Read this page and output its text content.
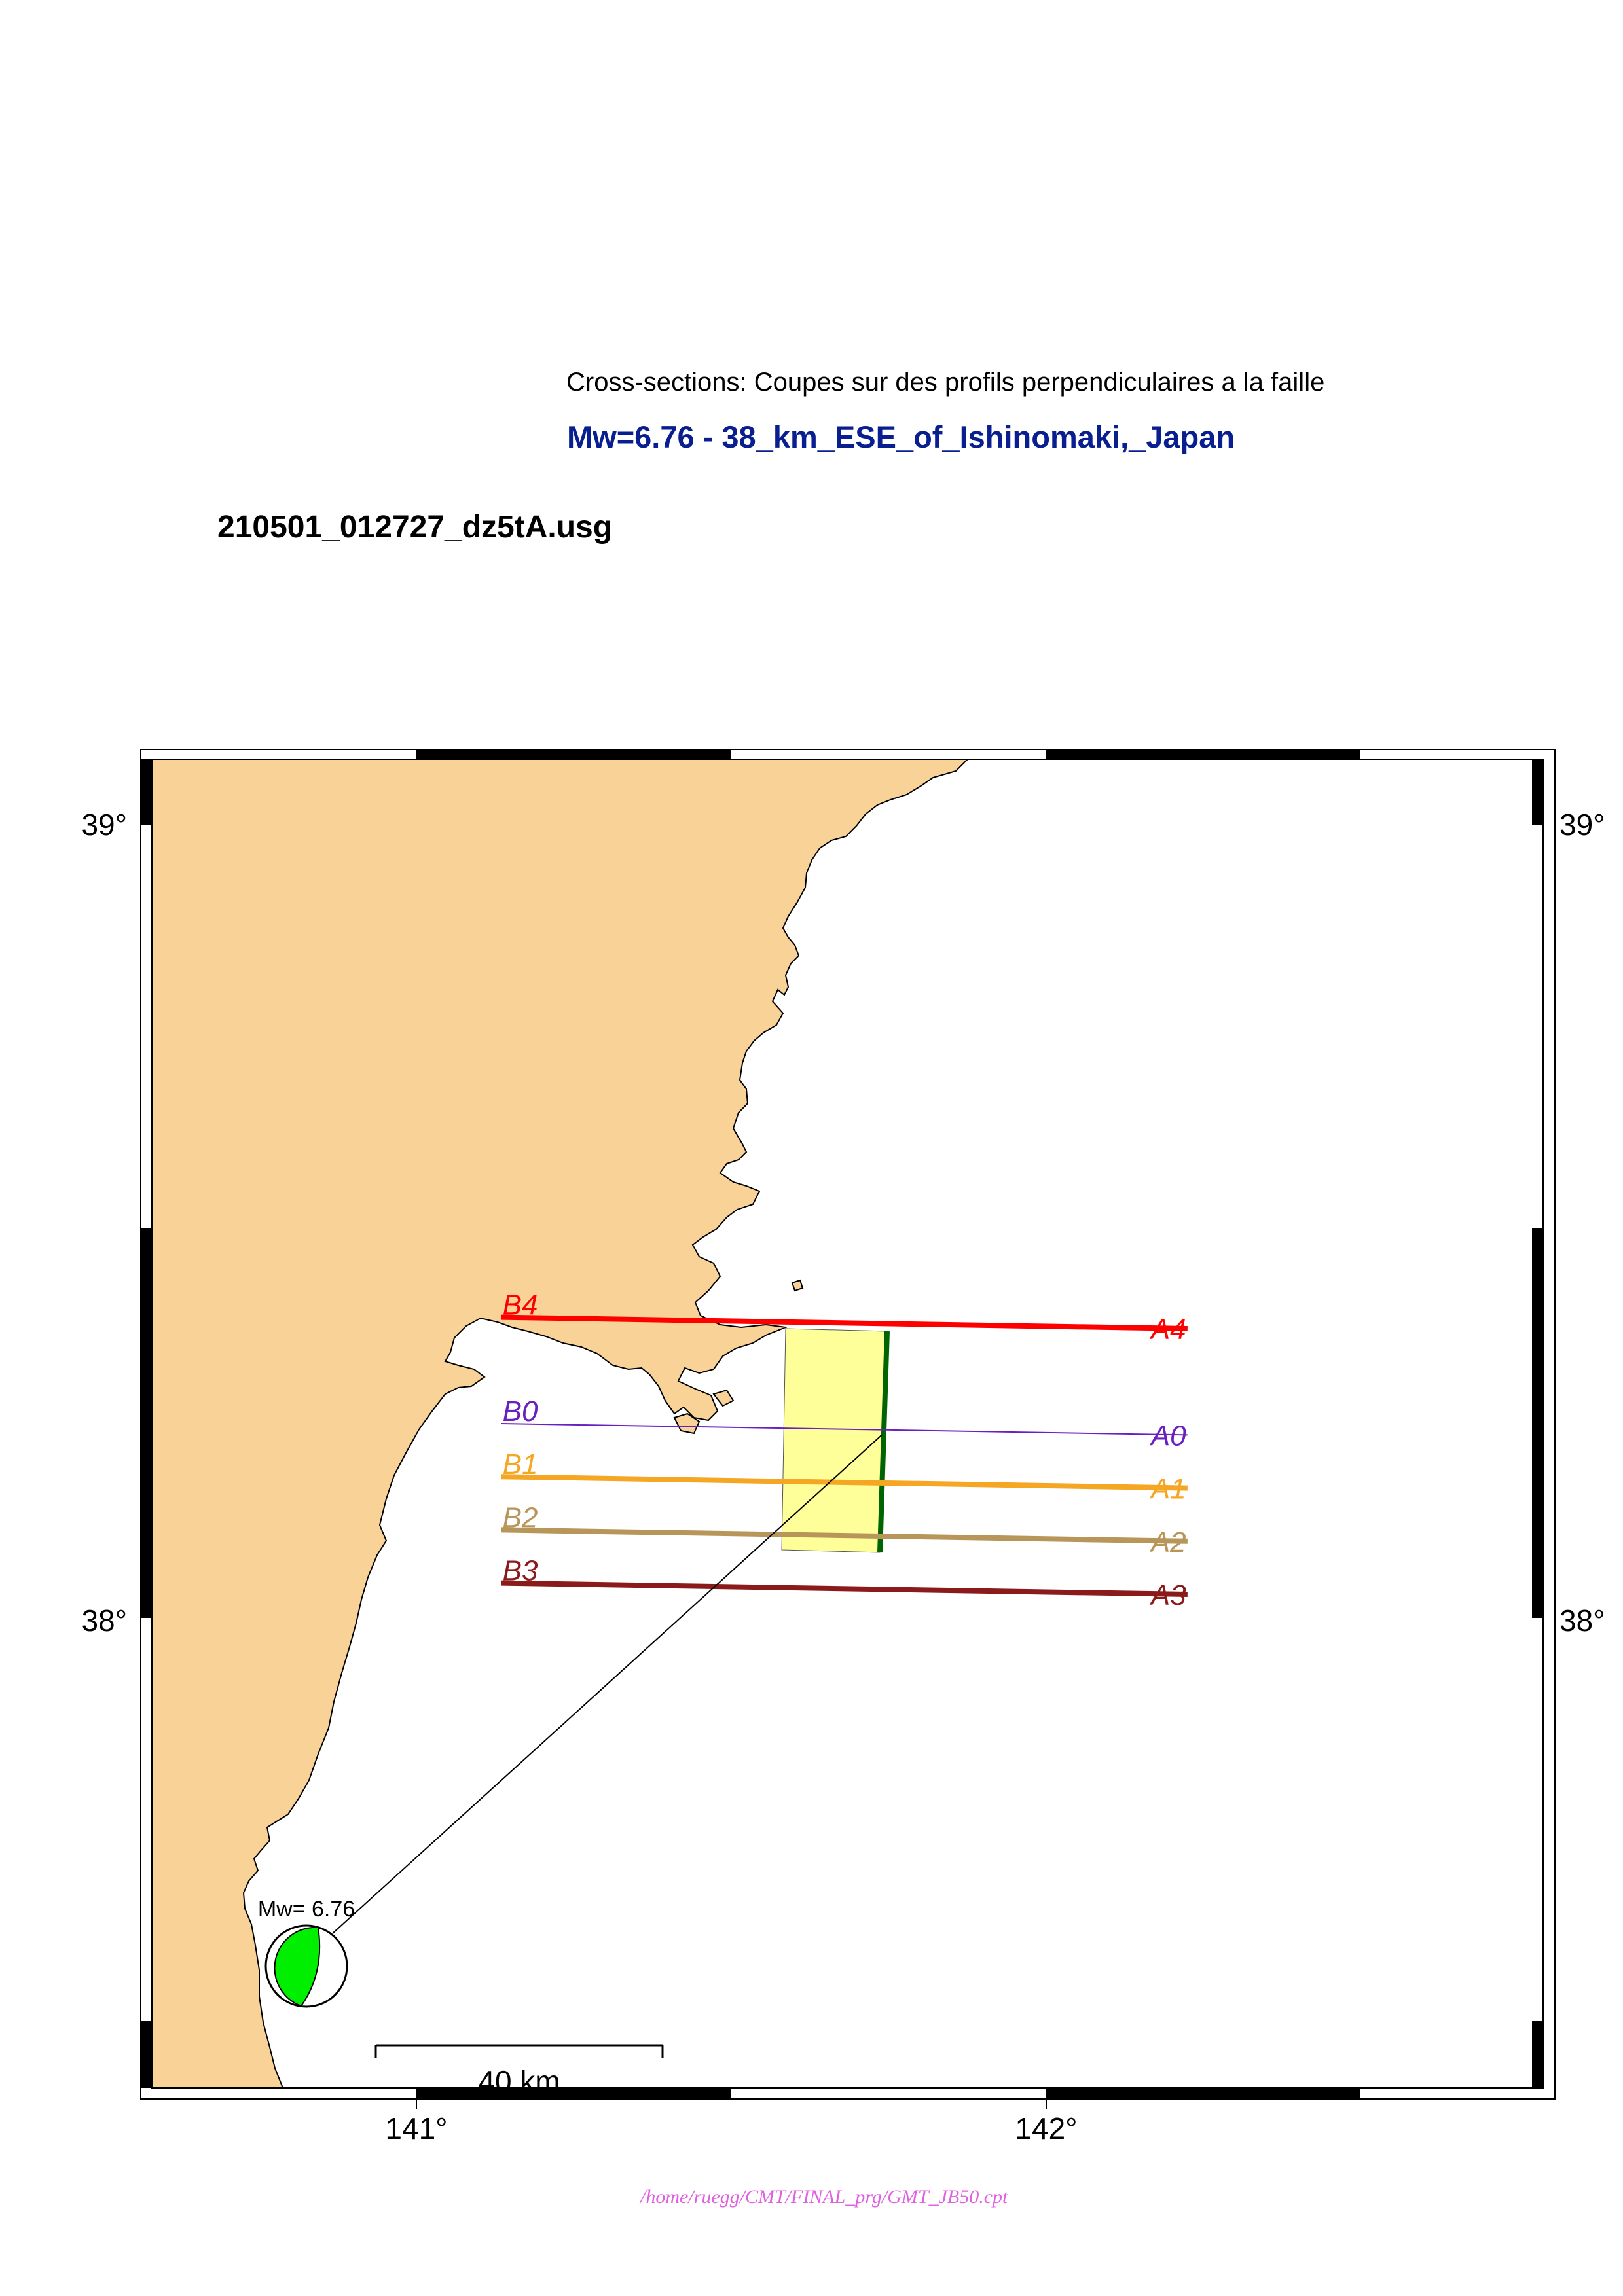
Cross-sections: Coupes sur des profils perpendiculaires a la faille
Mw=6.76 - 38_km_ESE_of_Ishinomaki,_Japan
210501_012727_dz5tA.usg
B4
A4
B0
A0
B1
A1
B2
A2
B3
A3
Mw= 6.76
141°	142°
39°
38°
39°
38°
40 km
/home/ruegg/CMT/FINAL_prg/GMT_JB50.cpt
